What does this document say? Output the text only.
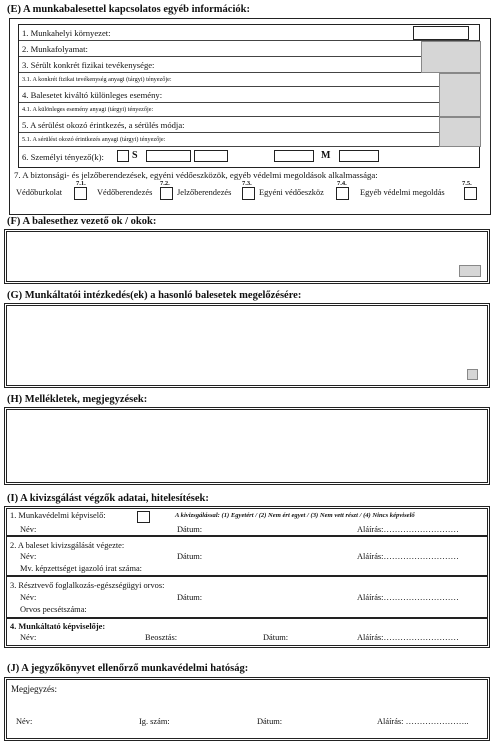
(E) A munkabalesettel kapcsolatos egyéb információk:
1. Munkahelyi környezet:
2. Munkafolyamat:
3. Sérült konkrét fizikai tevékenysége:
3.1. A konkrét fizikai tevékenység anyagi (tárgyi) tényezője:
4. Balesetet kiváltó különleges esemény:
4.1. A különleges esemény anyagi (tárgyi) tényezője:
5. A sérülést okozó érintkezés, a sérülés módja:
5.1. A sérülést okozó érintkezés anyagi (tárgyi) tényezője:
6. Személyi tényező(k):	S	M
7. A biztonsági- és jelzőberendezések, egyéni védőeszközök, egyéb védelmi megoldások alkalmassága:
7.1.
Védőburkolat
7.2.
Védőberendezés
7.3.
Jelzőberendezés
7.4.
Egyéni védőeszköz
7.5.
Egyéb védelmi megoldás
(F) A balesethez vezető ok / okok:
(G) Munkáltatói intézkedés(ek) a hasonló balesetek megelőzésére:
(H) Mellékletek, megjegyzések:
(I) A kivizsgálást végzők adatai, hitelesítések:
1. Munkavédelmi képviselő:	A kivizsgálással: (1) Egyetért / (2) Nem ért egyet / (3) Nem vett részt / (4) Nincs képviselő
Név:	Dátum:	Aláírás:………………………
2. A baleset kivizsgálását végezte:
Név:	Dátum:	Aláírás:………………………
Mv. képzettséget igazoló irat száma:
3. Résztvevő foglalkozás-egészségügyi orvos:
Név:	Dátum:	Aláírás:………………………
Orvos pecsétszáma:
4. Munkáltató képviselője:
Név:	Beosztás:	Dátum:	Aláírás:………………………
(J) A jegyzőkönyvet ellenőrző munkavédelmi hatóság:
Megjegyzés:
Név:	Ig. szám:	Dátum:	Aláírás: …………………..
